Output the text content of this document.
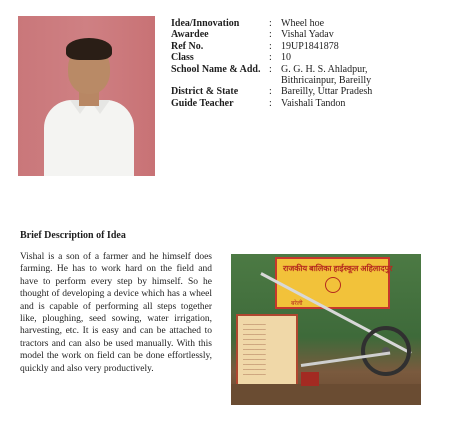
Idea/Innovation	: Wheel hoe
Awardee	: Vishal Yadav
Ref No.	: 19UP1841878
Class	: 10
School Name & Add. : G. G. H. S. Ahladpur,
Bithricainpur, Bareilly
District & State	: Bareilly, Uttar Pradesh
Guide Teacher	: Vaishali Tandon
Brief Description of Idea

Vishal is a son of a farmer and he himself does farming. He has to work hard on the field and have to perform every step by himself. So he thought of developing a device which has a wheel and is capable of performing all steps together like, ploughing, seed sowing, water irrigation, harvesting, etc. It is easy and can be attached to tractors and can also be used manually. With this model the work on field can be done effortlessly, quickly and also very productively.

राजकीय बालिका हाईस्कूल अहिलादपुर
बरेली
────────
────────
────────
────────
────────
────────
────────
────────
────────
────────
────────
